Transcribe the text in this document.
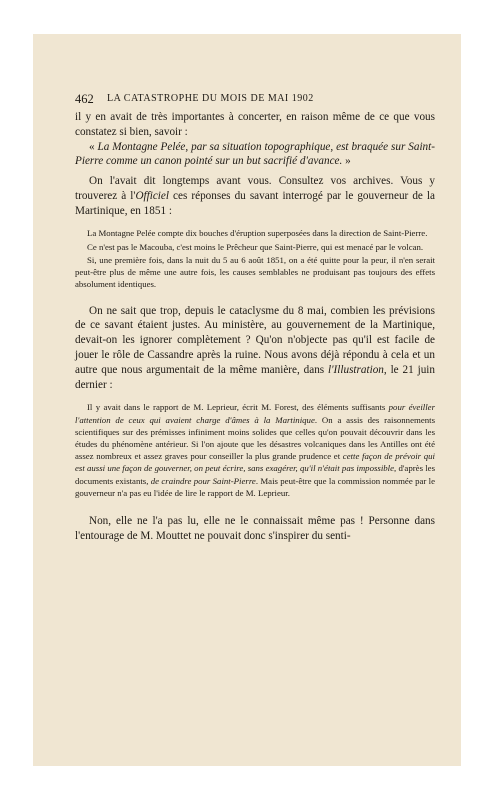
462 LA CATASTROPHE DU MOIS DE MAI 1902

il y en avait de très importantes à concerter, en raison même de ce que vous constatez si bien, savoir :

« La Montagne Pelée, par sa situation topographique, est braquée sur Saint-Pierre comme un canon pointé sur un but sacrifié d'avance. »

On l'avait dit longtemps avant vous. Consultez vos archives. Vous y trouverez à l'Officiel ces réponses du savant interrogé par le gouverneur de la Martinique, en 1851 :

La Montagne Pelée compte dix bouches d'éruption superposées dans la direction de Saint-Pierre.

Ce n'est pas le Macouba, c'est moins le Prêcheur que Saint-Pierre, qui est menacé par le volcan.

Si, une première fois, dans la nuit du 5 au 6 août 1851, on a été quitte pour la peur, il n'en serait peut-être plus de même une autre fois, les causes semblables ne produisant pas toujours des effets absolument identiques.

On ne sait que trop, depuis le cataclysme du 8 mai, combien les prévisions de ce savant étaient justes. Au ministère, au gouvernement de la Martinique, devait-on les ignorer complètement ? Qu'on n'objecte pas qu'il est facile de jouer le rôle de Cassandre après la ruine. Nous avons déjà répondu à cela et un autre que nous argumentait de la même manière, dans l'Illustration, le 21 juin dernier :

Il y avait dans le rapport de M. Leprieur, écrit M. Forest, des éléments suffisants pour éveiller l'attention de ceux qui avaient charge d'âmes à la Martinique. On a assis des raisonnements scientifiques sur des prémisses infiniment moins solides que celles qu'on pouvait découvrir dans les études du phénomène antérieur. Si l'on ajoute que les désastres volcaniques dans les Antilles ont été assez nombreux et assez graves pour conseiller la plus grande prudence et cette façon de prévoir qui est aussi une façon de gouverner, on peut écrire, sans exagérer, qu'il n'était pas impossible, d'après les documents existants, de craindre pour Saint-Pierre. Mais peut-être que la commission nommée par le gouverneur n'a pas eu l'idée de lire le rapport de M. Leprieur.

Non, elle ne l'a pas lu, elle ne le connaissait même pas ! Personne dans l'entourage de M. Mouttet ne pouvait donc s'inspirer du senti-
